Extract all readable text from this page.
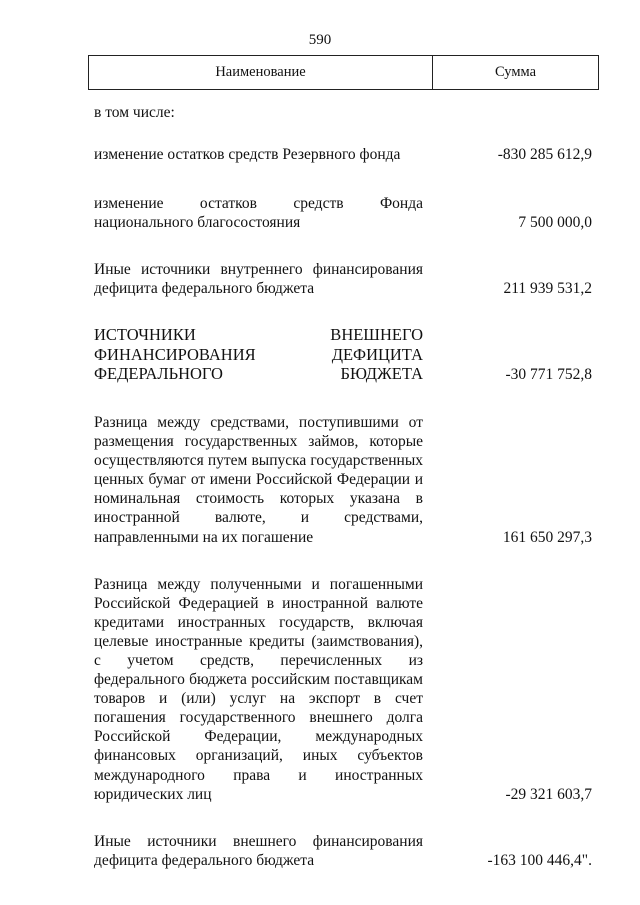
590
Наименование	Сумма
в том числе:
изменение остатков средств Резервного фонда	-830 285 612,9
изменение остатков средств Фонда национального благосостояния	7 500 000,0
Иные источники внутреннего финансирования дефицита федерального бюджета	211 939 531,2
ИСТОЧНИКИ ВНЕШНЕГО ФИНАНСИРОВАНИЯ ДЕФИЦИТА ФЕДЕРАЛЬНОГО БЮДЖЕТА	-30 771 752,8
Разница между средствами, поступившими от размещения государственных займов, которые осуществляются путем выпуска государственных ценных бумаг от имени Российской Федерации и номинальная стоимость которых указана в иностранной валюте, и средствами, направленными на их погашение	161 650 297,3
Разница между полученными и погашенными Российской Федерацией в иностранной валюте кредитами иностранных государств, включая целевые иностранные кредиты (заимствования), с учетом средств, перечисленных из федерального бюджета российским поставщикам товаров и (или) услуг на экспорт в счет погашения государственного внешнего долга Российской Федерации, международных финансовых организаций, иных субъектов международного права и иностранных юридических лиц	-29 321 603,7
Иные источники внешнего финансирования дефицита федерального бюджета	-163 100 446,4".
